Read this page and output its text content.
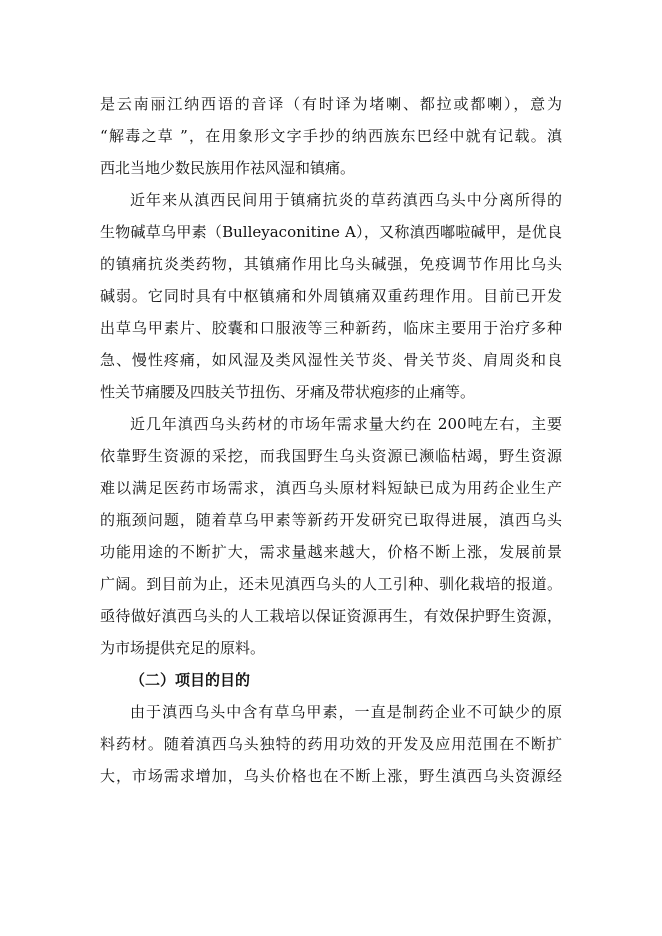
是云南丽江纳西语的音译（有时译为堵喇、都拉或都喇），意为
“解毒之草 ”，在用象形文字手抄的纳西族东巴经中就有记载。滇
西北当地少数民族用作祛风湿和镇痛。
近年来从滇西民间用于镇痛抗炎的草药滇西乌头中分离所得的
生物碱草乌甲素（Bulleyaconitine A），又称滇西嘟啦碱甲，是优良
的镇痛抗炎类药物，其镇痛作用比乌头碱强，免疫调节作用比乌头
碱弱。它同时具有中枢镇痛和外周镇痛双重药理作用。目前已开发
出草乌甲素片、胶囊和口服液等三种新药，临床主要用于治疗多种
急、慢性疼痛，如风湿及类风湿性关节炎、骨关节炎、肩周炎和良
性关节痛腰及四肢关节扭伤、牙痛及带状疱疹的止痛等。
近几年滇西乌头药材的市场年需求量大约在 200吨左右，主要
依靠野生资源的采挖，而我国野生乌头资源已濒临枯竭，野生资源
难以满足医药市场需求，滇西乌头原材料短缺已成为用药企业生产
的瓶颈问题，随着草乌甲素等新药开发研究已取得进展，滇西乌头
功能用途的不断扩大，需求量越来越大，价格不断上涨，发展前景
广阔。到目前为止，还未见滇西乌头的人工引种、驯化栽培的报道。
亟待做好滇西乌头的人工栽培以保证资源再生，有效保护野生资源，
为市场提供充足的原料。
（二）项目的目的
由于滇西乌头中含有草乌甲素，一直是制药企业不可缺少的原
料药材。随着滇西乌头独特的药用功效的开发及应用范围在不断扩
大，市场需求增加，乌头价格也在不断上涨，野生滇西乌头资源经
